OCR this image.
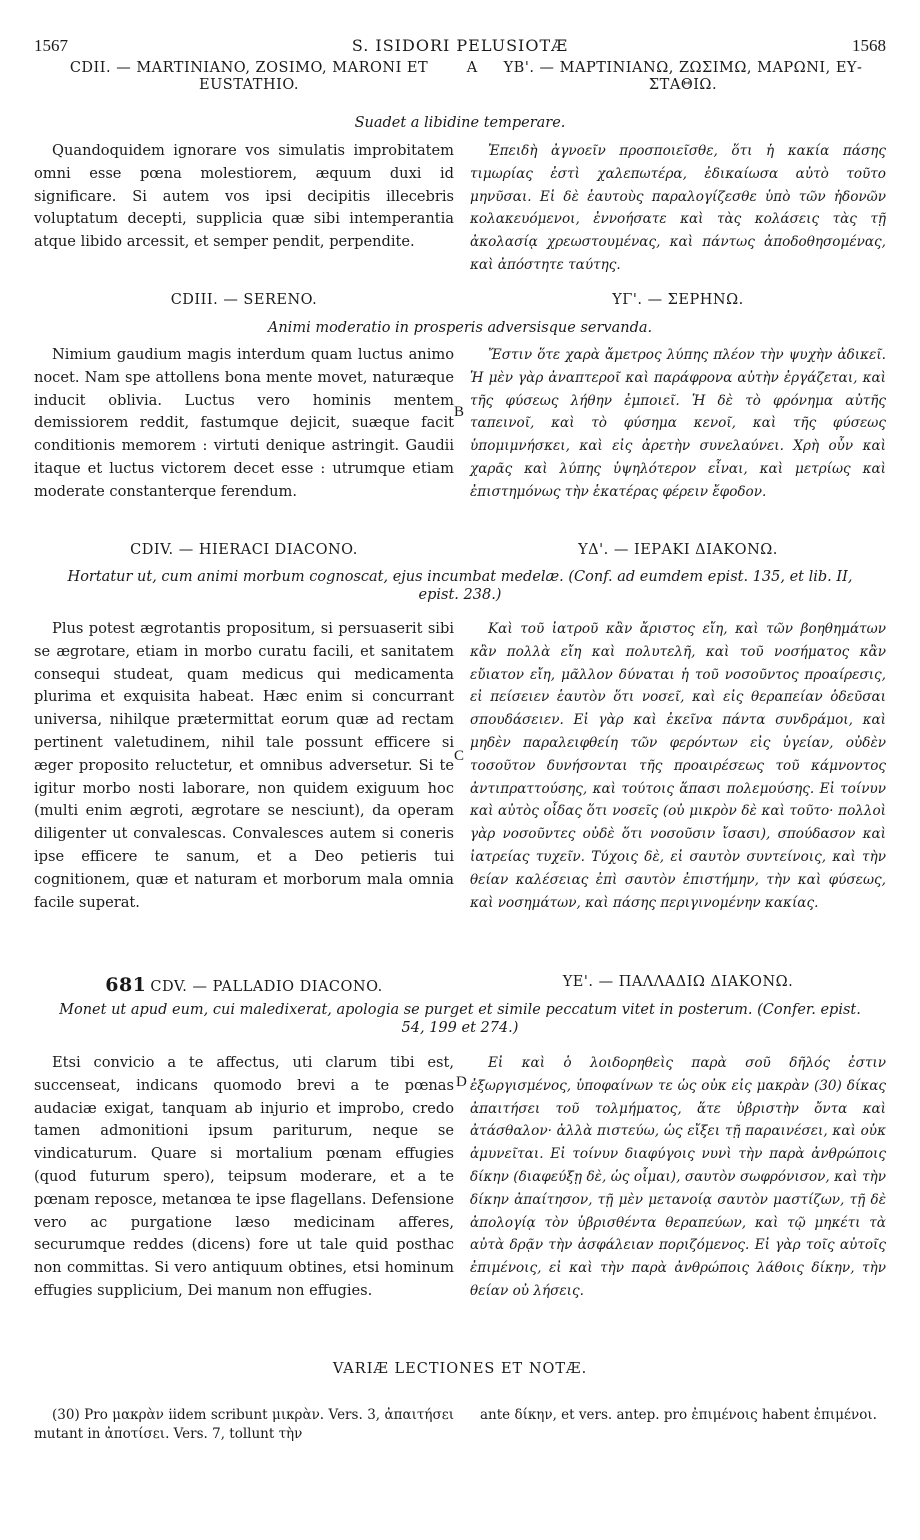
1567	S. ISIDORI PELUSIOTÆ	1568
CDII. — MARTINIANO, ZOSIMO, MARONI ET
EUSTATHIO.
A	ΥΒ'. — ΜΑΡΤΙΝΙΑΝΩ, ΖΩΣΙΜΩ, ΜΑΡΩΝΙ, ΕΥ-
ΣΤΑΘΙΩ.
Suadet a libidine temperare.

Quandoquidem ignorare vos simulatis improbitatem omni esse pœna molestiorem, æquum duxi id significare. Si autem vos ipsi decipitis illecebris voluptatum decepti, supplicia quæ sibi intemperantia atque libido arcessit, et semper pendit, perpendite.

Ἐπειδὴ ἀγνοεῖν προσποιεῖσθε, ὅτι ἡ κακία πάσης τιμωρίας ἐστὶ χαλεπωτέρα, ἐδικαίωσα αὐτὸ τοῦτο μηνῦσαι. Εἰ δὲ ἑαυτοὺς παραλογίζεσθε ὑπὸ τῶν ἡδονῶν κολακευόμενοι, ἐννοήσατε καὶ τὰς κολάσεις τὰς τῇ ἀκολασίᾳ χρεωστουμένας, καὶ πάντως ἀποδοθησομένας, καὶ ἀπόστητε ταύτης.

CDIII. — SERENO.	ΥΓ'. — ΣΕΡΗΝΩ.
Animi moderatio in prosperis adversisque servanda.

Nimium gaudium magis interdum quam luctus animo nocet. Nam spe attollens bona mente movet, naturæque inducit oblivia. Luctus vero hominis mentem demissiorem reddit, fastumque dejicit, suæque facit conditionis memorem : virtuti denique astringit. Gaudii itaque et luctus victorem decet esse : utrumque etiam moderate constanterque ferendum.

B

Ἔστιν ὅτε χαρὰ ἄμετρος λύπης πλέον τὴν ψυχὴν ἀδικεῖ. Ἡ μὲν γὰρ ἀναπτεροῖ καὶ παράφρονα αὐτὴν ἐργάζεται, καὶ τῆς φύσεως λήθην ἐμποιεῖ. Ἡ δὲ τὸ φρόνημα αὐτῆς ταπεινοῖ, καὶ τὸ φύσημα κενοῖ, καὶ τῆς φύσεως ὑπομιμνήσκει, καὶ εἰς ἀρετὴν συνελαύνει. Χρὴ οὖν καὶ χαρᾶς καὶ λύπης ὑψηλότερον εἶναι, καὶ μετρίως καὶ ἐπιστημόνως τὴν ἑκατέρας φέρειν ἔφοδον.

CDIV. — HIERACI DIACONO.	ΥΔ'. — ΙΕΡΑΚΙ ΔΙΑΚΟΝΩ.
Hortatur ut, cum animi morbum cognoscat, ejus incumbat medelæ. (Conf. ad eumdem epist. 135, et lib. II,
epist. 238.)

Plus potest ægrotantis propositum, si persuaserit sibi se ægrotare, etiam in morbo curatu facili, et sanitatem consequi studeat, quam medicus qui medicamenta plurima et exquisita habeat. Hæc enim si concurrant universa, nihilque prætermittat eorum quæ ad rectam pertinent valetudinem, nihil tale possunt efficere si æger proposito reluctetur, et omnibus adversetur. Si te igitur morbo nosti laborare, non quidem exiguum hoc (multi enim ægroti, ægrotare se nesciunt), da operam diligenter ut convalescas. Convalesces autem si coneris ipse efficere te sanum, et a Deo petieris tui cognitionem, quæ et naturam et morborum mala omnia facile superat.

C

Καὶ τοῦ ἰατροῦ κἂν ἄριστος εἴη, καὶ τῶν βοηθημάτων κἂν πολλὰ εἴη καὶ πολυτελῆ, καὶ τοῦ νοσήματος κἂν εὔιατον εἴη, μᾶλλον δύναται ἡ τοῦ νοσοῦντος προαίρεσις, εἰ πείσειεν ἑαυτὸν ὅτι νοσεῖ, καὶ εἰς θεραπείαν ὁδεῦσαι σπουδάσειεν. Εἰ γὰρ καὶ ἐκεῖνα πάντα συνδράμοι, καὶ μηδὲν παραλειφθείη τῶν φερόντων εἰς ὑγείαν, οὐδὲν τοσοῦτον δυνήσονται τῆς προαιρέσεως τοῦ κάμνοντος ἀντιπραττούσης, καὶ τούτοις ἅπασι πολεμούσης. Εἰ τοίνυν καὶ αὐτὸς οἶδας ὅτι νοσεῖς (οὐ μικρὸν δὲ καὶ τοῦτο· πολλοὶ γὰρ νοσοῦντες οὐδὲ ὅτι νοσοῦσιν ἴσασι), σπούδασον καὶ ἰατρείας τυχεῖν. Τύχοις δὲ, εἰ σαυτὸν συντείνοις, καὶ τὴν θείαν καλέσειας ἐπὶ σαυτὸν ἐπιστήμην, τὴν καὶ φύσεως, καὶ νοσημάτων, καὶ πάσης περιγινομένην κακίας.

681 CDV. — PALLADIO DIACONO.	ΥΕ'. — ΠΑΛΛΑΔΙΩ ΔΙΑΚΟΝΩ.
Monet ut apud eum, cui maledixerat, apologia se purget et simile peccatum vitet in posterum. (Confer. epist.
54, 199 et 274.)

Etsi convicio a te affectus, uti clarum tibi est, succenseat, indicans quomodo brevi a te pœnas audaciæ exigat, tanquam ab injurio et improbo, credo tamen admonitioni ipsum pariturum, neque se vindicaturum. Quare si mortalium pœnam effugies (quod futurum spero), teipsum moderare, et a te pœnam reposce, metanœa te ipse flagellans. Defensione vero ac purgatione læso medicinam afferes, securumque reddes (dicens) fore ut tale quid posthac non committas. Si vero antiquum obtines, etsi hominum effugies supplicium, Dei manum non effugies.

D

Εἰ καὶ ὁ λοιδορηθεὶς παρὰ σοῦ δῆλός ἐστιν ἐξωργισμένος, ὑποφαίνων τε ὡς οὐκ εἰς μακρὰν (30) δίκας ἀπαιτήσει τοῦ τολμήματος, ἅτε ὑβριστὴν ὄντα καὶ ἀτάσθαλον· ἀλλὰ πιστεύω, ὡς εἴξει τῇ παραινέσει, καὶ οὐκ ἀμυνεῖται. Εἰ τοίνυν διαφύγοις νυνὶ τὴν παρὰ ἀνθρώποις δίκην (διαφεύξῃ δὲ, ὡς οἶμαι), σαυτὸν σωφρόνισον, καὶ τὴν δίκην ἀπαίτησον, τῇ μὲν μετανοίᾳ σαυτὸν μαστίζων, τῇ δὲ ἀπολογίᾳ τὸν ὑβρισθέντα θεραπεύων, καὶ τῷ μηκέτι τὰ αὐτὰ δρᾷν τὴν ἀσφάλειαν ποριζόμενος. Εἰ γὰρ τοῖς αὐτοῖς ἐπιμένοις, εἰ καὶ τὴν παρὰ ἀνθρώποις λάθοις δίκην, τὴν θείαν οὐ λήσεις.

VARIÆ LECTIONES ET NOTÆ.

(30) Pro μακρὰν iidem scribunt μικρὰν. Vers. 3, ἀπαιτήσει mutant in ἀποτίσει. Vers. 7, tollunt τὴν

ante δίκην, et vers. antep. pro ἐπιμένοις habent ἐπιμένοι.
